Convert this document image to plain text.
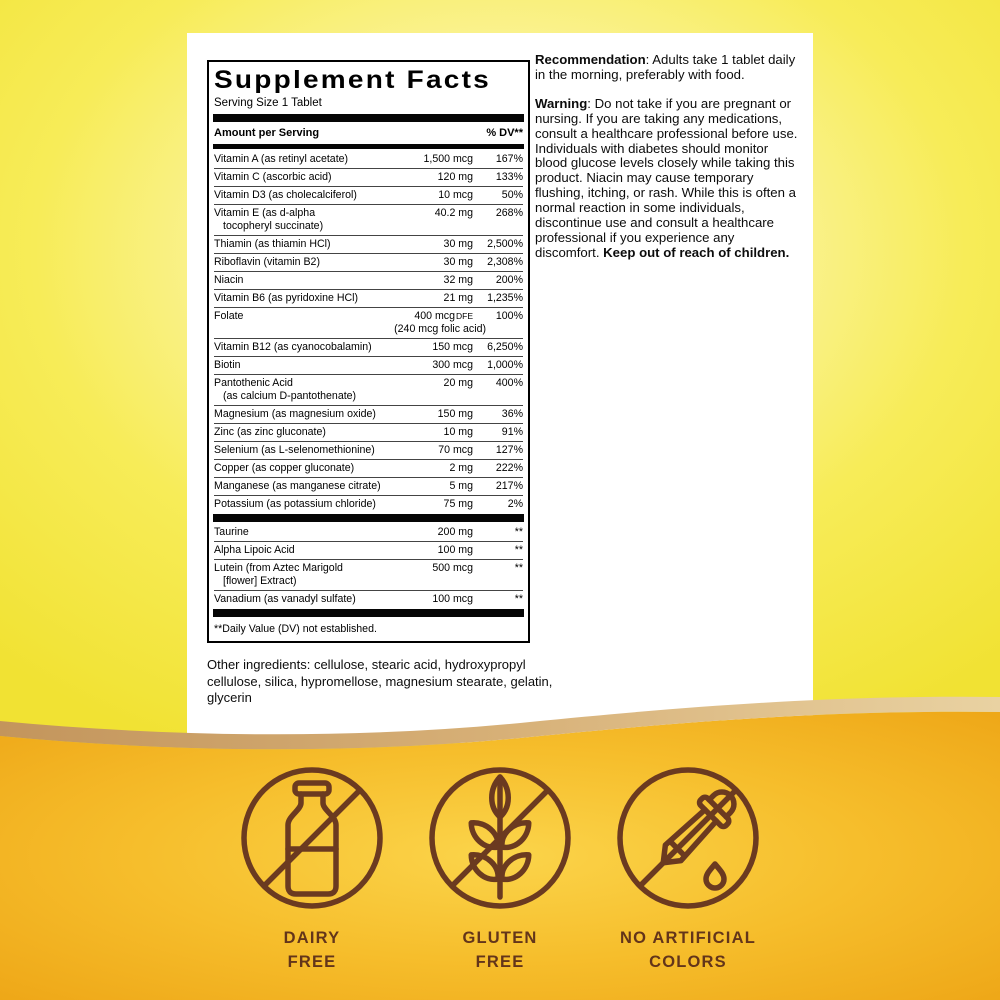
Supplement Facts
Serving Size 1 Tablet
Amount per Serving	% DV**
Vitamin A (as retinyl acetate)	1,500 mcg	167%
Vitamin C (ascorbic acid)	120 mg	133%
Vitamin D3 (as cholecalciferol)	10 mcg	50%
Vitamin E (as d-alpha	40.2 mg	268%
tocopheryl succinate)
Thiamin (as thiamin HCl)	30 mg	2,500%
Riboflavin (vitamin B2)	30 mg	2,308%
Niacin	32 mg	200%
Vitamin B6 (as pyridoxine HCl)	21 mg	1,235%
Folate	400 mcgDFE	100%
(240 mcg folic acid)
Vitamin B12 (as cyanocobalamin)	150 mcg	6,250%
Biotin	300 mcg	1,000%
Pantothenic Acid	20 mg	400%
(as calcium D-pantothenate)
Magnesium (as magnesium oxide)	150 mg	36%
Zinc (as zinc gluconate)	10 mg	91%
Selenium (as L-selenomethionine)	70 mcg	127%
Copper (as copper gluconate)	2 mg	222%
Manganese (as manganese citrate)	5 mg	217%
Potassium (as potassium chloride)	75 mg	2%
Taurine	200 mg	**
Alpha Lipoic Acid	100 mg	**
Lutein (from Aztec Marigold	500 mcg	**
[flower] Extract)
Vanadium (as vanadyl sulfate)	100 mcg	**
**Daily Value (DV) not established.
Other ingredients: cellulose, stearic acid, hydroxypropyl cellulose, silica, hypromellose, magnesium stearate, gelatin, glycerin

Recommendation: Adults take 1 tablet daily in the morning, preferably with food.

Warning: Do not take if you are pregnant or nursing. If you are taking any medications, consult a healthcare professional before use. Individuals with diabetes should monitor blood glucose levels closely while taking this product. Niacin may cause temporary flushing, itching, or rash. While this is often a normal reaction in some individuals, discontinue use and consult a healthcare professional if you experience any discomfort. Keep out of reach of children.

DAIRY
FREE
GLUTEN
FREE
NO ARTIFICIAL
COLORS
